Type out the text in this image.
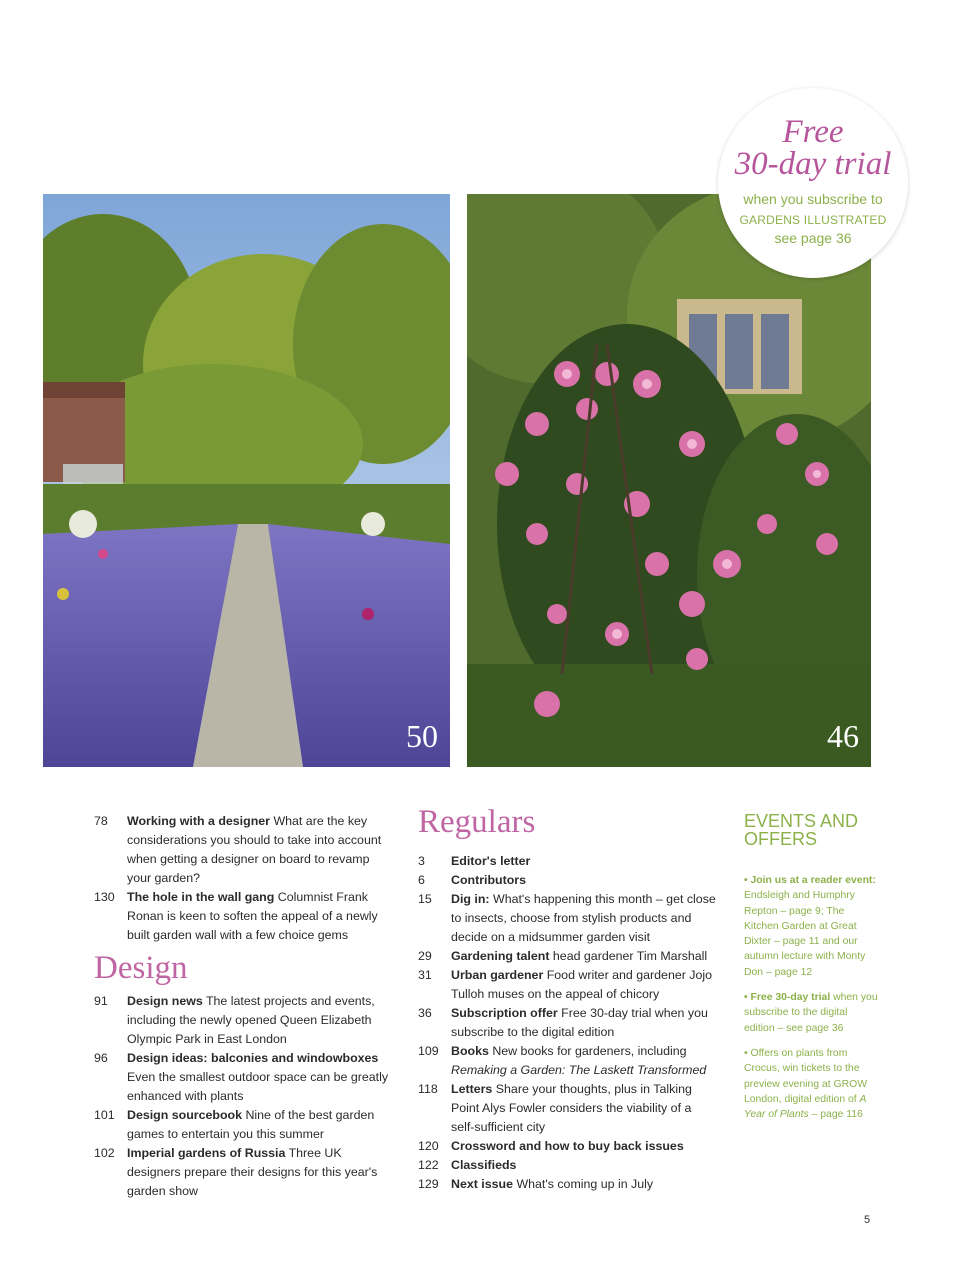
50	46
Free
30-day trial
when you subscribe to
GARDENS ILLUSTRATED
see page 36
78	Working with a designer What are the key considerations you should to take into account when getting a designer on board to revamp your garden?
130 The hole in the wall gang Columnist Frank Ronan is keen to soften the appeal of a newly built garden wall with a few choice gems
Design
91	Design news The latest projects and events, including the newly opened Queen Elizabeth Olympic Park in East London
96	Design ideas: balconies and windowboxes Even the smallest outdoor space can be greatly enhanced with plants
101 Design sourcebook Nine of the best garden games to entertain you this summer
102 Imperial gardens of Russia Three UK designers prepare their designs for this year's garden show
Regulars
3	Editor's letter
6	Contributors
15	Dig in: What's happening this month – get close to insects, choose from stylish products and decide on a midsummer garden visit
29	Gardening talent head gardener Tim Marshall
31	Urban gardener Food writer and gardener Jojo Tulloh muses on the appeal of chicory
36	Subscription offer Free 30-day trial when you subscribe to the digital edition
109 Books New books for gardeners, including Remaking a Garden: The Laskett Transformed
118	Letters Share your thoughts, plus in Talking Point Alys Fowler considers the viability of a self-sufficient city
120 Crossword and how to buy back issues
122 Classifieds
129 Next issue What's coming up in July
EVENTS AND
OFFERS
• Join us at a reader event: Endsleigh and Humphry Repton – page 9; The Kitchen Garden at Great Dixter – page 11 and our autumn lecture with Monty Don – page 12
• Free 30-day trial when you subscribe to the digital edition – see page 36
• Offers on plants from Crocus, win tickets to the preview evening at GROW London, digital edition of A Year of Plants – page 116
5
